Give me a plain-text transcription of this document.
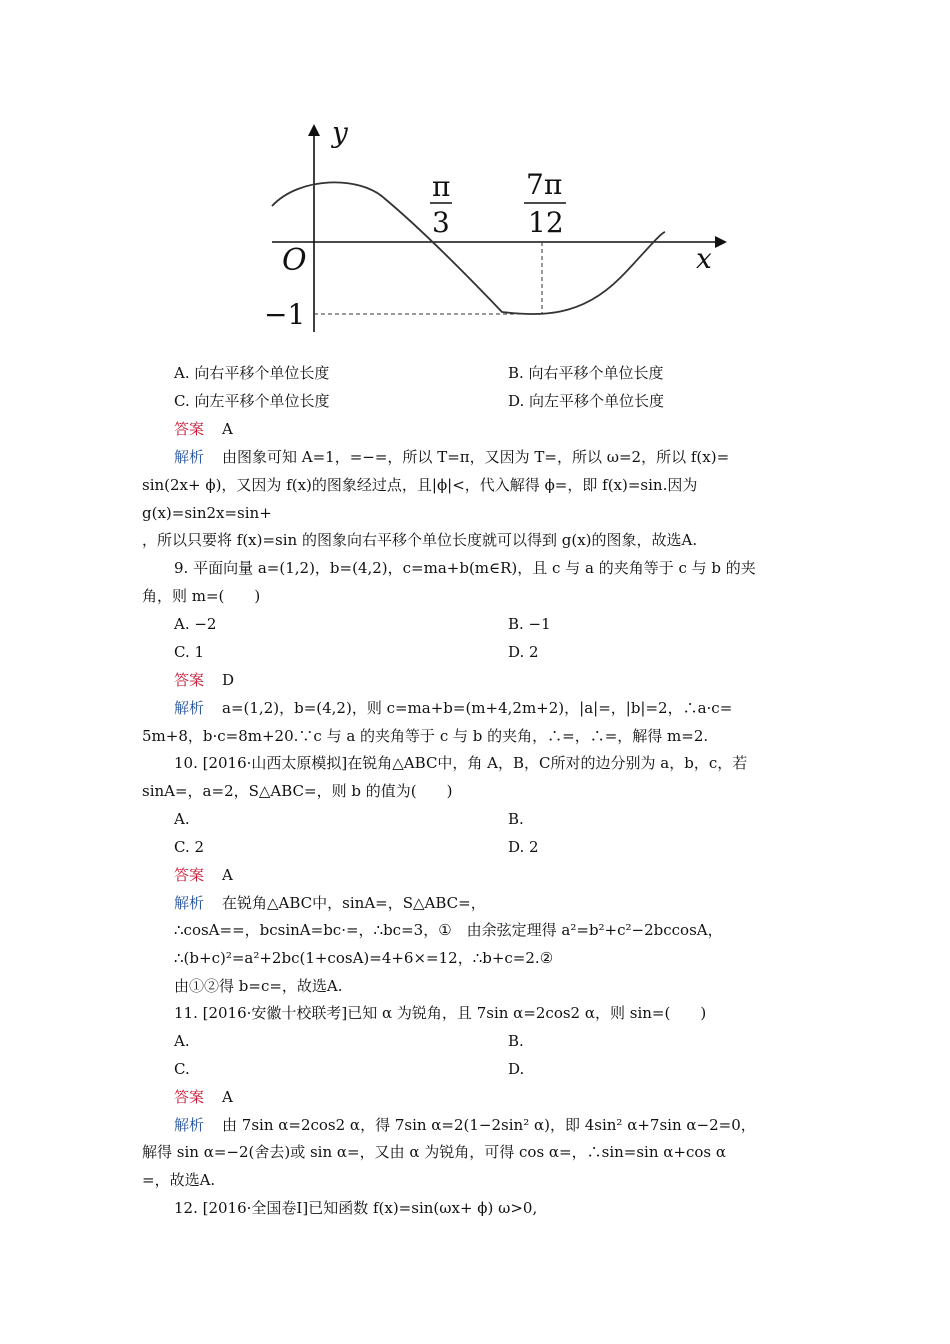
y
x
O
π
3
7π
12
−1
A. 向右平移个单位长度	B. 向右平移个单位长度
C. 向左平移个单位长度	D. 向左平移个单位长度
答案 A
解析 由图象可知 A=1，=−=，所以 T=π，又因为 T=，所以 ω=2，所以 f(x)=
sin(2x+ ϕ)，又因为 f(x)的图象经过点，且|ϕ|<，代入解得 ϕ=，即 f(x)=sin.因为
g(x)=sin2x=sin+
，所以只要将 f(x)=sin 的图象向右平移个单位长度就可以得到 g(x)的图象，故选A.
9. 平面向量 a=(1,2)，b=(4,2)，c=ma+b(m∈R)，且 c 与 a 的夹角等于 c 与 b 的夹
角，则 m=(　　)
A. −2	B. −1
C. 1	D. 2
答案 D
解析 a=(1,2)，b=(4,2)，则 c=ma+b=(m+4,2m+2)，|a|=，|b|=2，∴a·c=
5m+8，b·c=8m+20.∵c 与 a 的夹角等于 c 与 b 的夹角，∴=，∴=，解得 m=2.
10. [2016·山西太原模拟]在锐角△ABC中，角 A，B，C所对的边分别为 a，b，c，若
sinA=，a=2，S△ABC=，则 b 的值为(　　)
A.	B.
C. 2	D. 2
答案 A
解析 在锐角△ABC中，sinA=，S△ABC=，
∴cosA==，bcsinA=bc·=，∴bc=3，①　由余弦定理得 a²=b²+c²−2bccosA，
∴(b+c)²=a²+2bc(1+cosA)=4+6×=12，∴b+c=2.②
由①②得 b=c=，故选A.
11. [2016·安徽十校联考]已知 α 为锐角，且 7sin α=2cos2 α，则 sin=(　　)
A.	B.
C.	D.
答案 A
解析 由 7sin α=2cos2 α，得 7sin α=2(1−2sin² α)，即 4sin² α+7sin α−2=0，
解得 sin α=−2(舍去)或 sin α=，又由 α 为锐角，可得 cos α=，∴sin=sin α+cos α
=，故选A.
12. [2016·全国卷Ⅰ]已知函数 f(x)=sin(ωx+ ϕ) ω>0,
